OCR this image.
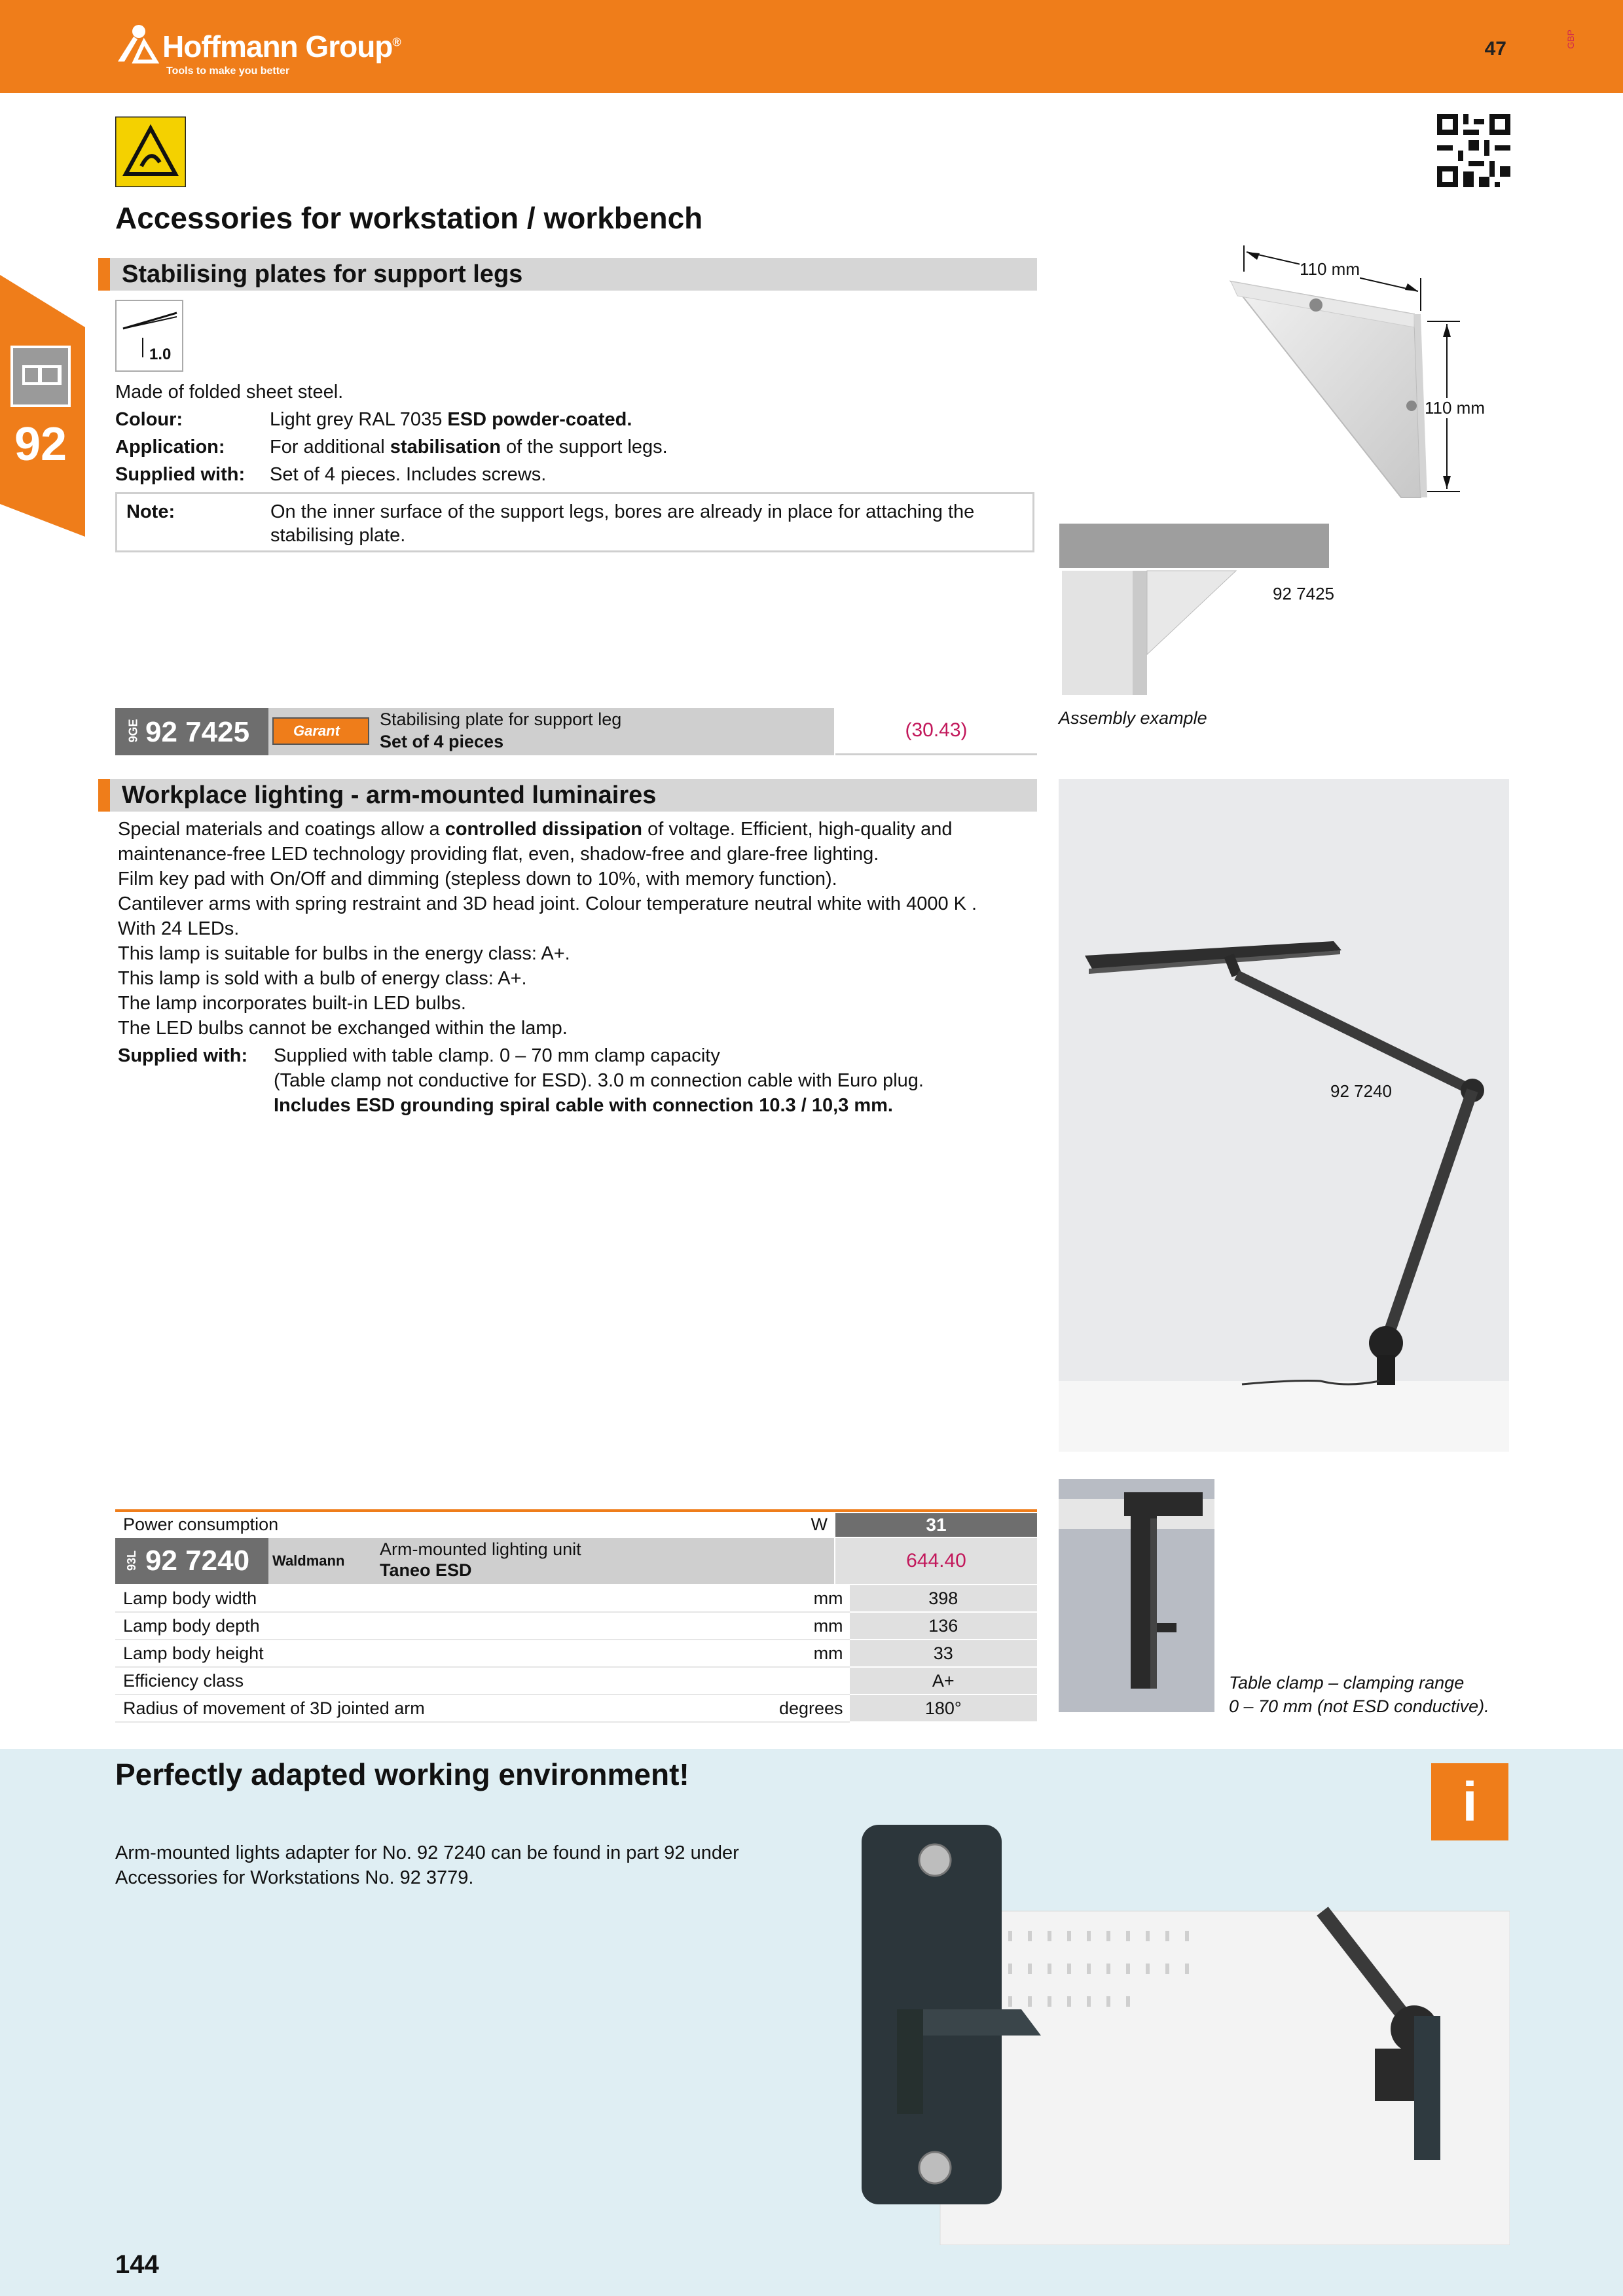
Hoffmann Group®
Tools to make you better
47	GBP
92
Accessories for workstation / workbench
Stabilising plates for support legs
1.0
Made of folded sheet steel.
Colour:	Light grey RAL 7035 ESD powder-coated.
Application: For additional stabilisation of the support legs.
Supplied with: Set of 4 pieces. Includes screws.
Note:	On the inner surface of the support legs, bores are already in place for attaching the
stabilising plate.
110 mm
110 mm
92 7425
Assembly example
9GE 92 7425	Garant
Stabilising plate for support leg
Set of 4 pieces
(30.43)
Workplace lighting - arm-mounted luminaires
Special materials and coatings allow a controlled dissipation of voltage. Efficient, high-quality and
maintenance-free LED technology providing flat, even, shadow-free and glare-free lighting.
Film key pad with On/Off and dimming (stepless down to 10%, with memory function).
Cantilever arms with spring restraint and 3D head joint. Colour temperature neutral white with 4000 K .
With 24 LEDs.
This lamp is suitable for bulbs in the energy class: A+.
This lamp is sold with a bulb of energy class: A+.
The lamp incorporates built-in LED bulbs.
The LED bulbs cannot be exchanged within the lamp.
Supplied with: Supplied with table clamp. 0 – 70 mm clamp capacity
(Table clamp not conductive for ESD). 3.0 m connection cable with Euro plug.
Includes ESD grounding spiral cable with connection 10.3 / 10,3 mm.
92 7240
Table clamp – clamping range
0 – 70 mm (not ESD conductive).
Power consumption	W	31
93L 92 7240 Waldmann
Arm-mounted lighting unit
Taneo ESD	644.40
Lamp body width	mm	398
Lamp body depth	mm	136
Lamp body height	mm	33
Efficiency class		A+
Radius of movement of 3D jointed arm	degrees	180°
Perfectly adapted working environment!	i
Arm-mounted lights adapter for No. 92 7240 can be found in part 92 under
Accessories for Workstations No. 92 3779.
144
